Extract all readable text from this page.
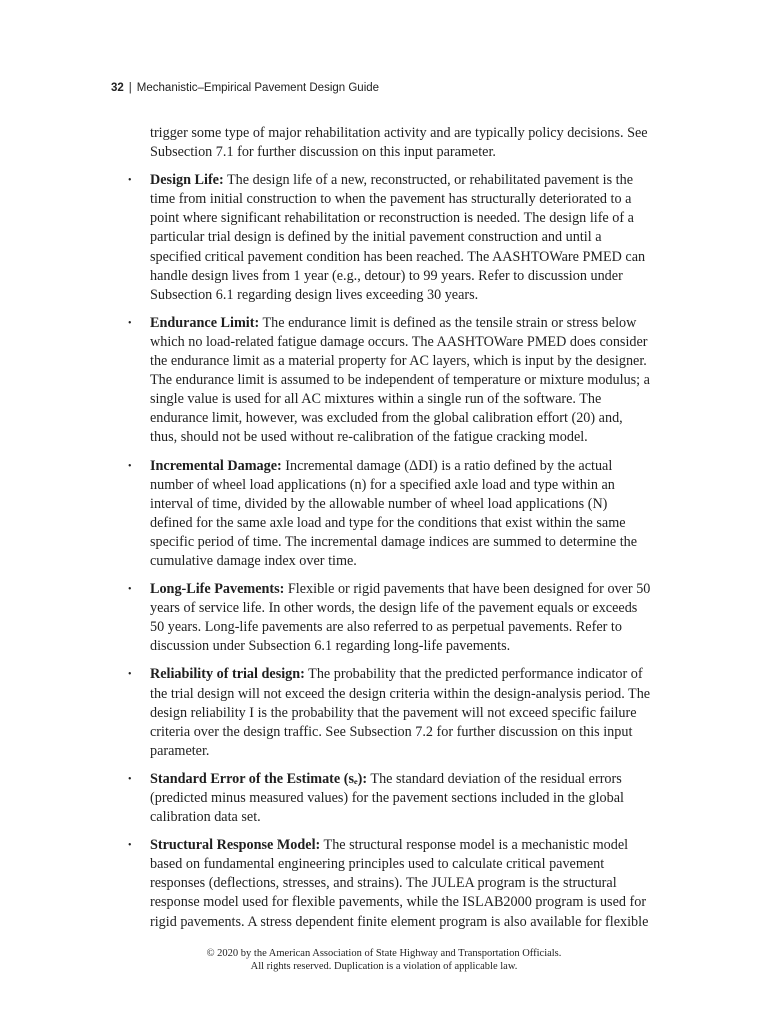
32 | Mechanistic–Empirical Pavement Design Guide

trigger some type of major rehabilitation activity and are typically policy decisions. See Subsection 7.1 for further discussion on this input parameter.

• Design Life: The design life of a new, reconstructed, or rehabilitated pavement is the time from initial construction to when the pavement has structurally deteriorated to a point where significant rehabilitation or reconstruction is needed. The design life of a particular trial design is defined by the initial pavement construction and until a specified critical pavement condition has been reached. The AASHTOWare PMED can handle design lives from 1 year (e.g., detour) to 99 years. Refer to discussion under Subsection 6.1 regarding design lives exceeding 30 years.
• Endurance Limit: The endurance limit is defined as the tensile strain or stress below which no load-related fatigue damage occurs. The AASHTOWare PMED does consider the endurance limit as a material property for AC layers, which is input by the designer. The endurance limit is assumed to be independent of temperature or mixture modulus; a single value is used for all AC mixtures within a single run of the software. The endurance limit, however, was excluded from the global calibration effort (20) and, thus, should not be used without re-calibration of the fatigue cracking model.
• Incremental Damage: Incremental damage (ΔDI) is a ratio defined by the actual number of wheel load applications (n) for a specified axle load and type within an interval of time, divided by the allowable number of wheel load applications (N) defined for the same axle load and type for the conditions that exist within the same specific period of time. The incremental damage indices are summed to determine the cumulative damage index over time.
• Long-Life Pavements: Flexible or rigid pavements that have been designed for over 50 years of service life. In other words, the design life of the pavement equals or exceeds 50 years. Long-life pavements are also referred to as perpetual pavements. Refer to discussion under Subsection 6.1 regarding long-life pavements.
• Reliability of trial design: The probability that the predicted performance indicator of the trial design will not exceed the design criteria within the design-analysis period. The design reliability I is the probability that the pavement will not exceed specific failure criteria over the design traffic. See Subsection 7.2 for further discussion on this input parameter.
• Standard Error of the Estimate (sₑ): The standard deviation of the residual errors (predicted minus measured values) for the pavement sections included in the global calibration data set.
• Structural Response Model: The structural response model is a mechanistic model based on fundamental engineering principles used to calculate critical pavement responses (deflections, stresses, and strains). The JULEA program is the structural response model used for flexible pavements, while the ISLAB2000 program is used for rigid pavements. A stress dependent finite element program is also available for flexible
© 2020 by the American Association of State Highway and Transportation Officials.
All rights reserved. Duplication is a violation of applicable law.
